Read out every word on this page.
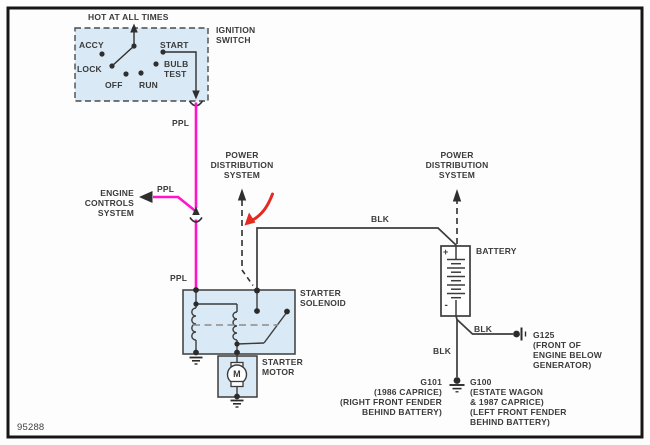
HOT AT ALL TIMES
IGNITION
SWITCH
ACCY	START
LOCK	BULB
TEST
OFF RUN
PPL
PPL
PPL
ENGINE
CONTROLS
SYSTEM
POWER
DISTRIBUTION
SYSTEM
POWER
DISTRIBUTION
SYSTEM
BLK
STARTER
SOLENOID
STARTER
MOTOR
M
BATTERY
+
-
BLK
BLK
G125
(FRONT OF
ENGINE BELOW
GENERATOR)
G101
(1986 CAPRICE)
(RIGHT FRONT FENDER
BEHIND BATTERY)
G100
(ESTATE WAGON
& 1987 CAPRICE)
(LEFT FRONT FENDER
BEHIND BATTERY)
95288
